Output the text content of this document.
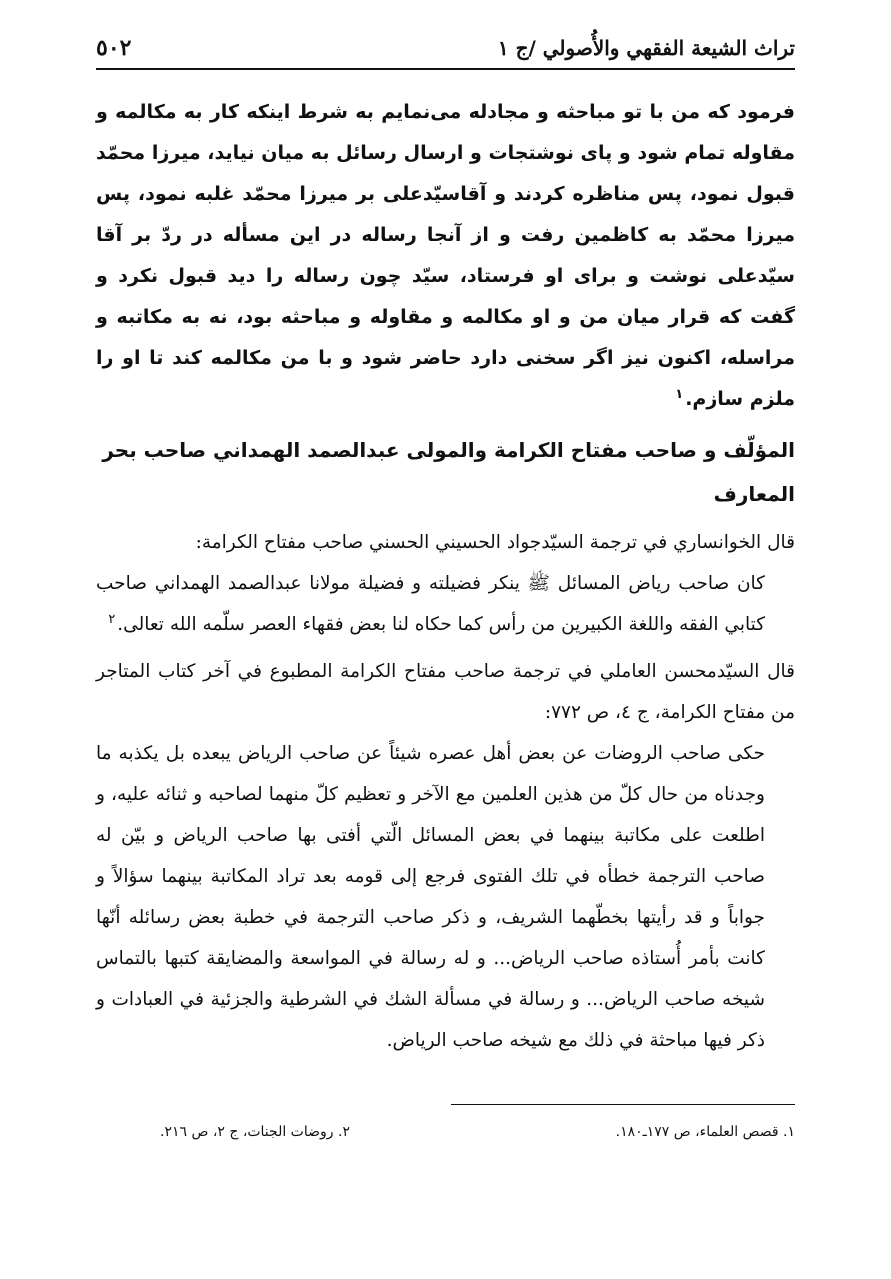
تراث الشيعة الفقهي والأُصولي /ج ١
٥٠٢

فرمود که من با تو مباحثه و مجادله می‌نمایم به شرط اینکه کار به مکالمه و مقاوله تمام شود و پای نوشتجات و ارسال رسائل به میان نیاید، میرزا محمّد قبول نمود، پس مناظره کردند و آقاسیّدعلی بر میرزا محمّد غلبه نمود، پس میرزا محمّد به کاظمین رفت و از آنجا رساله در این مسأله در ردّ بر آقا سیّدعلی نوشت و برای او فرستاد، سیّد چون رساله را دید قبول نکرد و گفت که قرار میان من و او مکالمه و مقاوله و مباحثه بود، نه به مکاتبه و مراسله، اکنون نیز اگر سخنی دارد حاضر شود و با من مکالمه کند تا او را ملزم سازم.$^١$

المؤلّف و صاحب مفتاح الكرامة والمولى عبدالصمد الهمداني صاحب بحر المعارف

قال الخوانساري في ترجمة السيّدجواد الحسيني الحسني صاحب مفتاح الكرامة:

كان صاحب رياض المسائل ﷺ ينكر فضيلته و فضيلة مولانا عبدالصمد الهمداني صاحب كتابي الفقه واللغة الكبيرين من رأس كما حكاه لنا بعض فقهاء العصر سلّمه الله تعالى.$^٢$

قال السيّدمحسن العاملي في ترجمة صاحب مفتاح الكرامة المطبوع في آخر كتاب المتاجر من مفتاح الكرامة، ج ٤، ص ٧٧٢:

حكى صاحب الروضات عن بعض أهل عصره شيئاً عن صاحب الرياض يبعده بل يكذبه ما وجدناه من حال كلّ من هذين العلمين مع الآخر و تعظيم كلّ منهما لصاحبه و ثنائه عليه، و اطلعت على مكاتبة بينهما في بعض المسائل الّتي أفتى بها صاحب الرياض و بيّن له صاحب الترجمة خطأه في تلك الفتوى فرجع إلى قومه بعد تراد المكاتبة بينهما سؤالاً و جواباً و قد رأيتها بخطّهما الشريف، و ذكر صاحب الترجمة في خطبة بعض رسائله أنّها كانت بأمر أُستاذه صاحب الرياض... و له رسالة في المواسعة والمضايقة كتبها بالتماس شيخه صاحب الرياض... و رسالة في مسألة الشك في الشرطية والجزئية في العبادات و ذكر فيها مباحثة في ذلك مع شيخه صاحب الرياض.

١. قصص العلماء، ص ١٧٧ـ١٨٠.
٢. روضات الجنات، ج ٢، ص ٢١٦.
